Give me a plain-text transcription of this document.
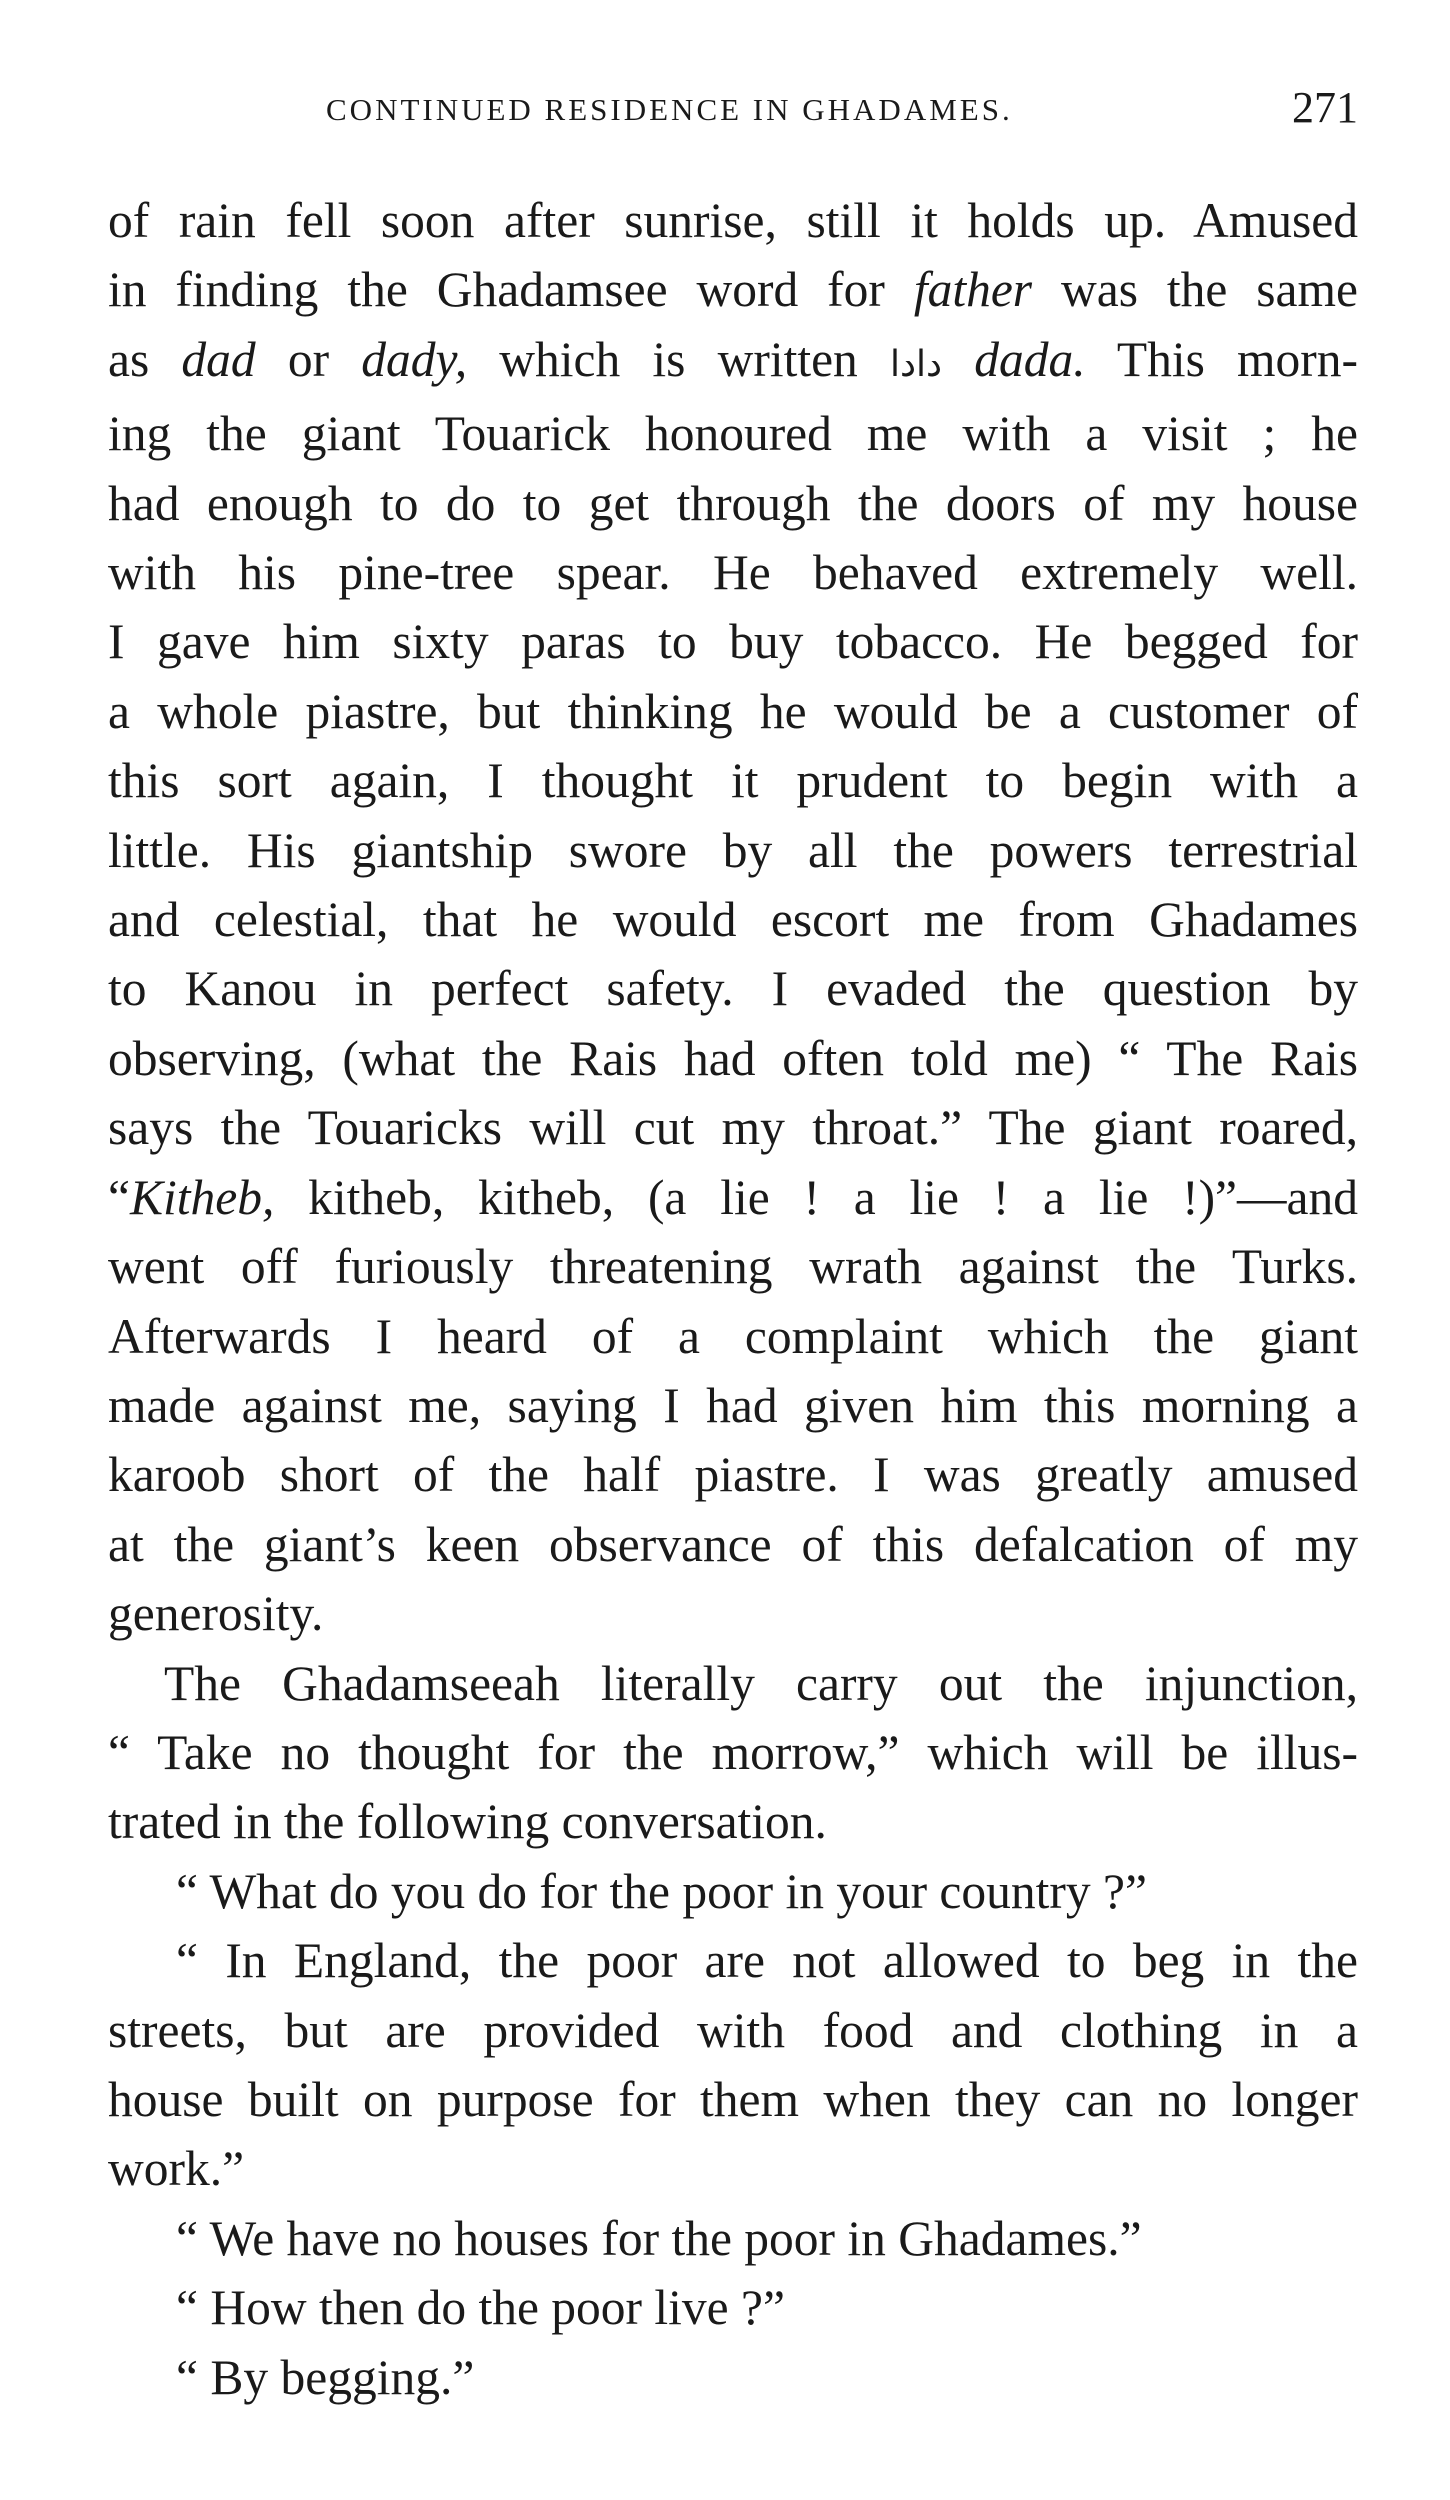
CONTINUED RESIDENCE IN GHADAMES.	271
of rain fell soon after sunrise, still it holds up. Amused
in finding the Ghadamsee word for father was the same
as dad or dady, which is written دادا dada. This morn-
ing the giant Touarick honoured me with a visit ; he
had enough to do to get through the doors of my house
with his pine-tree spear. He behaved extremely well.
I gave him sixty paras to buy tobacco. He begged for
a whole piastre, but thinking he would be a customer of
this sort again, I thought it prudent to begin with a
little. His giantship swore by all the powers terrestrial
and celestial, that he would escort me from Ghadames
to Kanou in perfect safety. I evaded the question by
observing, (what the Rais had often told me) “ The Rais
says the Touaricks will cut my throat.” The giant roared,
“Kitheb, kitheb, kitheb, (a lie ! a lie ! a lie !)”—and
went off furiously threatening wrath against the Turks.
Afterwards I heard of a complaint which the giant
made against me, saying I had given him this morning a
karoob short of the half piastre. I was greatly amused
at the giant’s keen observance of this defalcation of my
generosity.
The Ghadamseeah literally carry out the injunction,
“ Take no thought for the morrow,” which will be illus-
trated in the following conversation.
“ What do you do for the poor in your country ?”
“ In England, the poor are not allowed to beg in the
streets, but are provided with food and clothing in a
house built on purpose for them when they can no longer
work.”
“ We have no houses for the poor in Ghadames.”
“ How then do the poor live ?”
“ By begging.”
